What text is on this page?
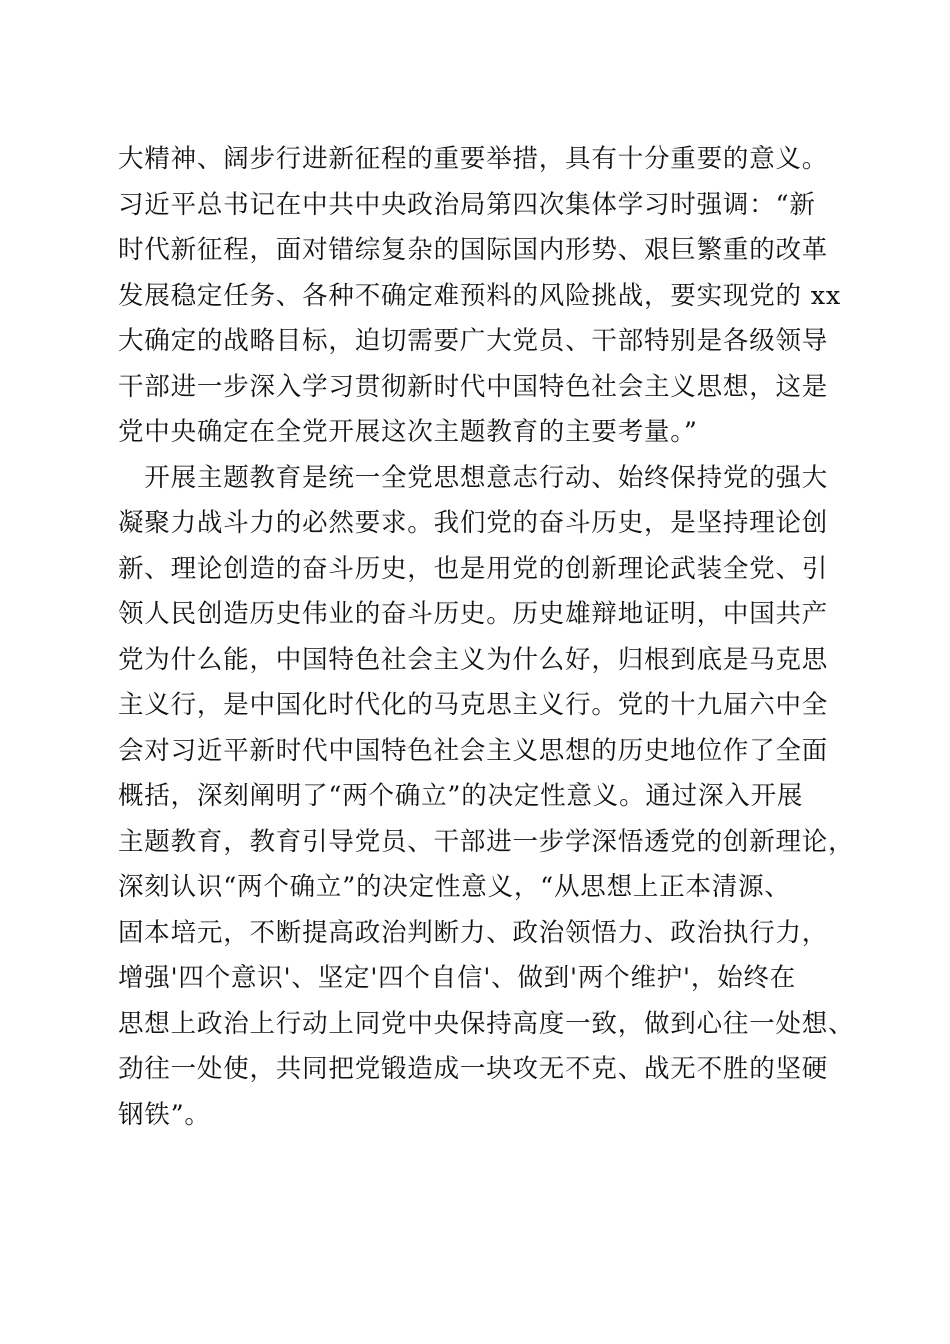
大精神、阔步行进新征程的重要举措，具有十分重要的意义。
习近平总书记在中共中央政治局第四次集体学习时强调：“新
时代新征程，面对错综复杂的国际国内形势、艰巨繁重的改革
发展稳定任务、各种不确定难预料的风险挑战，要实现党的 xx
大确定的战略目标，迫切需要广大党员、干部特别是各级领导
干部进一步深入学习贯彻新时代中国特色社会主义思想，这是
党中央确定在全党开展这次主题教育的主要考量。”
　开展主题教育是统一全党思想意志行动、始终保持党的强大
凝聚力战斗力的必然要求。我们党的奋斗历史，是坚持理论创
新、理论创造的奋斗历史，也是用党的创新理论武装全党、引
领人民创造历史伟业的奋斗历史。历史雄辩地证明，中国共产
党为什么能，中国特色社会主义为什么好，归根到底是马克思
主义行，是中国化时代化的马克思主义行。党的十九届六中全
会对习近平新时代中国特色社会主义思想的历史地位作了全面
概括，深刻阐明了“两个确立”的决定性意义。通过深入开展
主题教育，教育引导党员、干部进一步学深悟透党的创新理论，
深刻认识“两个确立”的决定性意义，“从思想上正本清源、
固本培元，不断提高政治判断力、政治领悟力、政治执行力，
增强'四个意识'、坚定'四个自信'、做到'两个维护'，始终在
思想上政治上行动上同党中央保持高度一致，做到心往一处想、
劲往一处使，共同把党锻造成一块攻无不克、战无不胜的坚硬
钢铁”。
